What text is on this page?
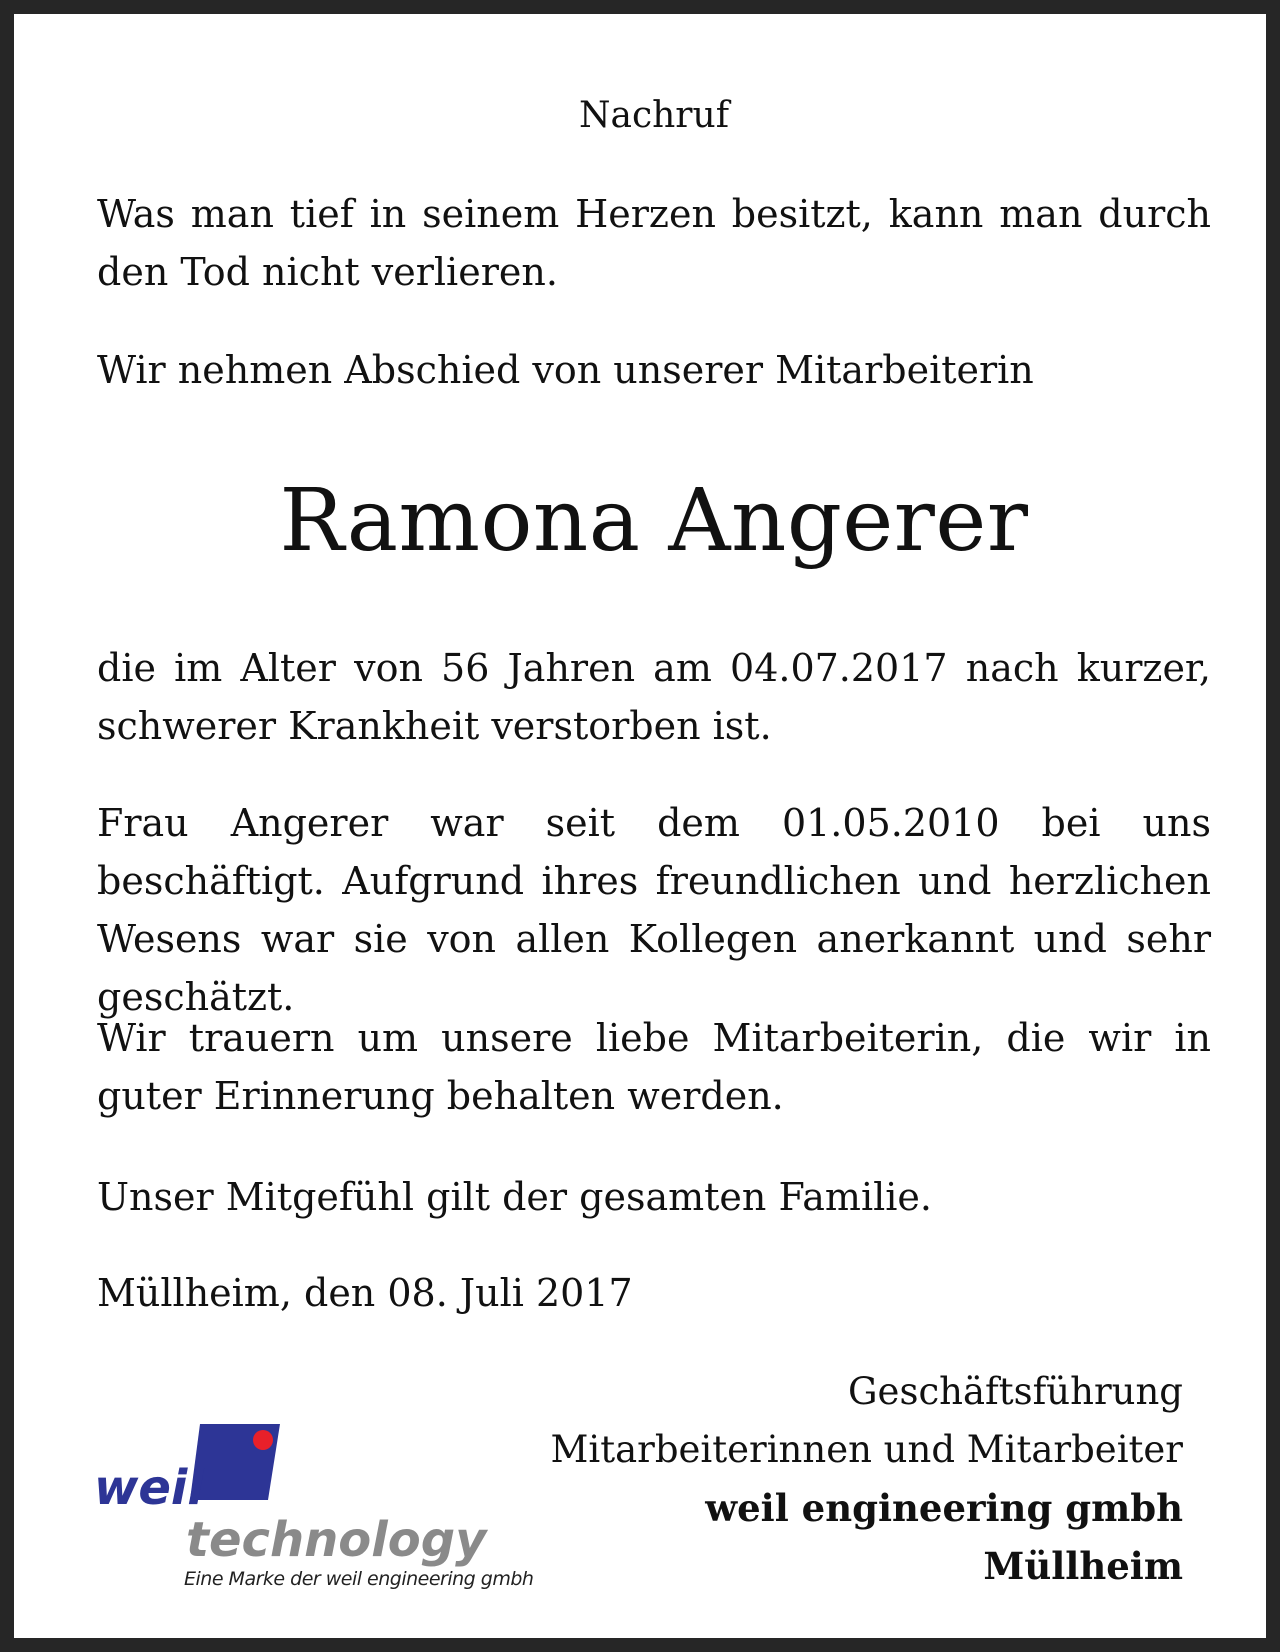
Nachruf

Was man tief in seinem Herzen besitzt, kann man durch den Tod nicht verlieren.

Wir nehmen Abschied von unserer Mitarbeiterin

Ramona Angerer

die im Alter von 56 Jahren am 04.07.2017 nach kurzer, schwerer Krankheit verstorben ist.

Frau Angerer war seit dem 01.05.2010 bei uns beschäftigt. Aufgrund ihres freundlichen und herzlichen Wesens war sie von allen Kollegen anerkannt und sehr geschätzt.

Wir trauern um unsere liebe Mitarbeiterin, die wir in guter Erinnerung behalten werden.

Unser Mitgefühl gilt der gesamten Familie.

Müllheim, den 08. Juli 2017

Geschäftsführung
Mitarbeiterinnen und Mitarbeiter
weil engineering gmbh
Müllheim
weil
technology
Eine Marke der weil engineering gmbh
